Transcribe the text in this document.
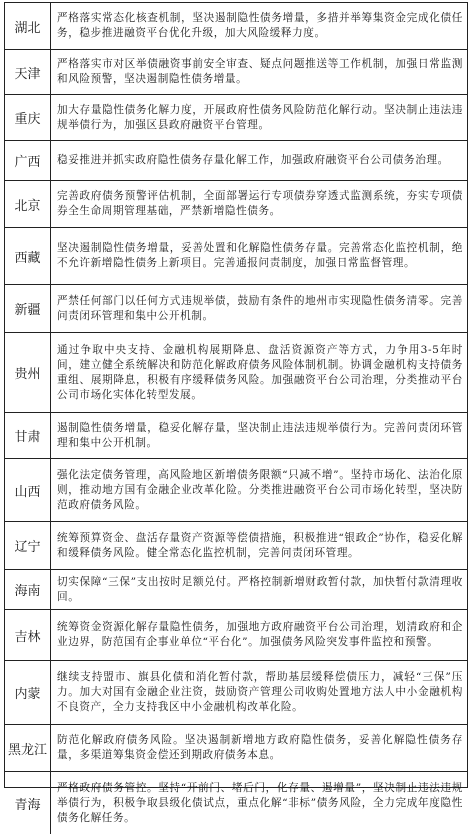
湖北
严格落实常态化核查机制，坚决遏制隐性债务增量，多措并举筹集资金完成化债任务，稳步推进融资平台优化升级，加大风险缓释力度。
天津
严格落实市对区举债融资事前安全审查、疑点问题推送等工作机制，加强日常监测和风险预警，坚决遏制隐性债务增量。
重庆
加大存量隐性债务化解力度，开展政府性债务风险防范化解行动。坚决制止违法违规举债行为，加强区县政府融资平台管理。
广西	稳妥推进并抓实政府隐性债务存量化解工作，加强政府融资平台公司债务治理。
北京
完善政府债务预警评估机制，全面部署运行专项债券穿透式监测系统，夯实专项债券全生命周期管理基础，严禁新增隐性债务。
西藏
坚决遏制隐性债务增量，妥善处置和化解隐性债务存量。完善常态化监控机制，绝不允许新增隐性债务上新项目。完善通报问责制度，加强日常监督管理。
新疆
严禁任何部门以任何方式违规举债，鼓励有条件的地州市实现隐性债务清零。完善问责闭环管理和集中公开机制。
贵州
通过争取中央支持、金融机构展期降息、盘活资源资产等方式，力争用3-5年时间，建立健全系统解决和防范化解政府债务风险体制机制。协调金融机构支持债务重组、展期降息，积极有序缓释债务风险。加强融资平台公司治理，分类推动平台公司市场化实体化转型发展。
甘肃
遏制隐性债务增量，稳妥化解存量，坚决制止违法违规举债行为。完善问责闭环管理和集中公开机制。
山西
强化法定债务管理，高风险地区新增债务限额“只减不增”。坚持市场化、法治化原则，推动地方国有金融企业改革化险。分类推进融资平台公司市场化转型，坚决防范政府债务风险。
辽宁
统筹预算资金、盘活存量资产资源等偿债措施，积极推进“银政企”协作，稳妥化解和缓释债务风险。健全常态化监控机制，完善问责闭环管理。
海南
切实保障“三保”支出按时足额兑付。严格控制新增财政暂付款，加快暂付款清理收回。
吉林
统筹资金资源化解存量隐性债务，加强地方政府融资平台公司治理，划清政府和企业边界，防范国有企事业单位“平台化”。加强债务风险突发事件监控和预警。
内蒙
继续支持盟市、旗县化债和消化暂付款，帮助基层缓释偿债压力，减轻“三保”压力。加大对国有金融企业注资，鼓励资产管理公司收购处置地方法人中小金融机构不良资产，全力支持我区中小金融机构改革化险。
黑龙江
防范化解政府债务风险。坚决遏制新增地方政府隐性债务，妥善化解隐性债务存量，多渠道筹集资金偿还到期政府债务本息。
青海
严格政府债务管控。坚持“开前门、堵后门，化存量、遏增量”，坚决制止违法违规举债行为，积极争取县级化债试点，重点化解“非标”债务风险，全力完成年度隐性债务化解任务。
